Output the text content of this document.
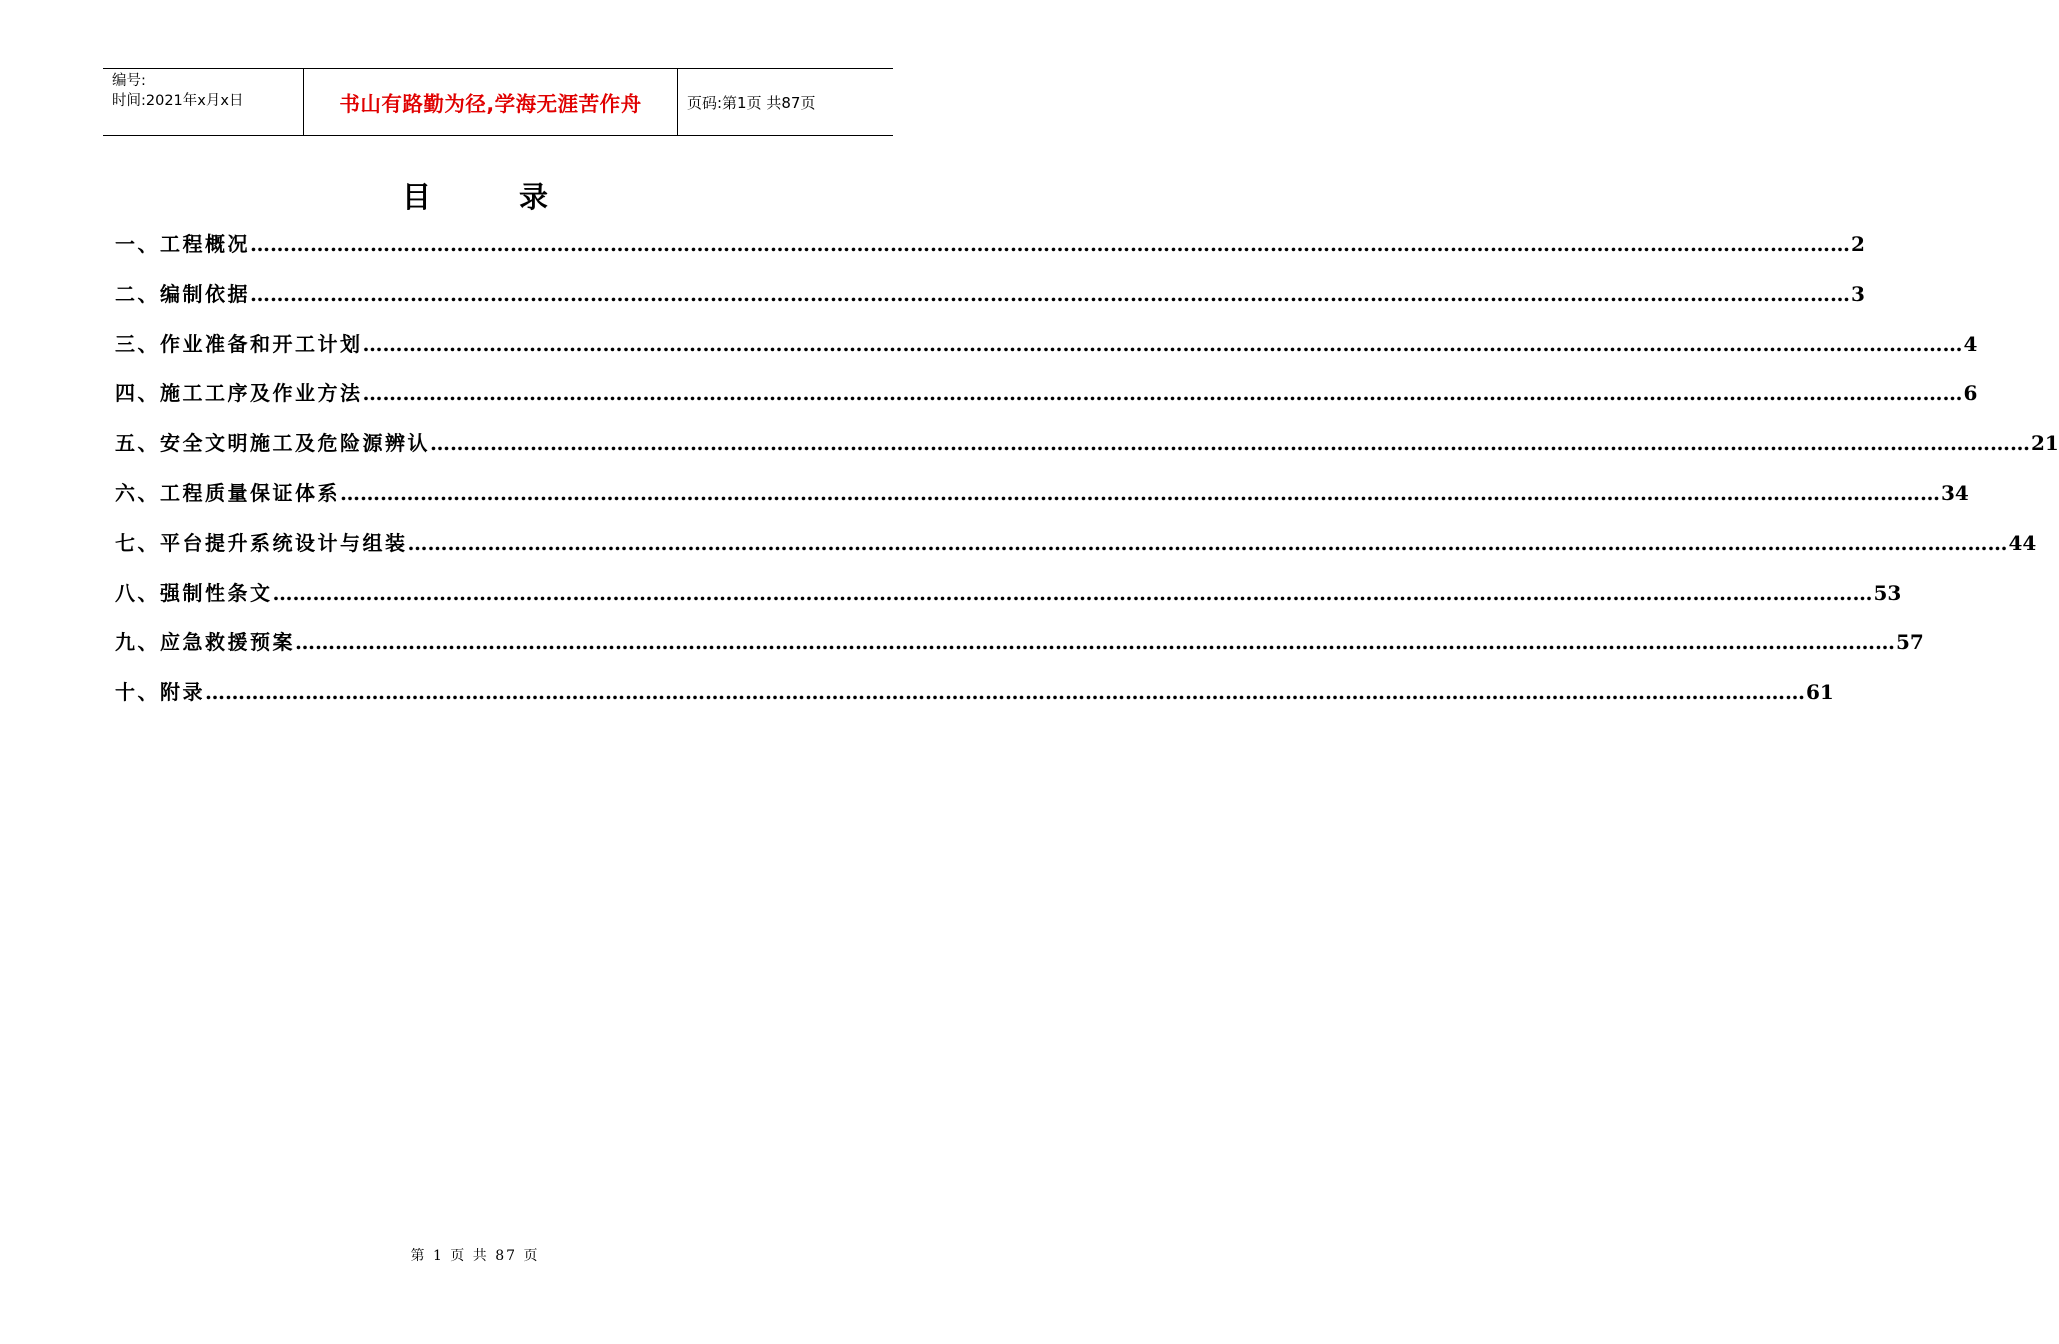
编号:
时间:2021年x月x日	书山有路勤为径,学海无涯苦作舟	页码:第1页 共87页
目	录
一、工程概况 …………………………………………………………………………………………………………………………………………………………………………………………………………………… 2
二、编制依据 …………………………………………………………………………………………………………………………………………………………………………………………………………………… 3
三、作业准备和开工计划 …………………………………………………………………………………………………………………………………………………………………………………………………………………… 4
四、施工工序及作业方法 …………………………………………………………………………………………………………………………………………………………………………………………………………………… 6
五、安全文明施工及危险源辨认 …………………………………………………………………………………………………………………………………………………………………………………………………………………… 21
六、工程质量保证体系 …………………………………………………………………………………………………………………………………………………………………………………………………………………… 34
七、平台提升系统设计与组装 …………………………………………………………………………………………………………………………………………………………………………………………………………………… 44
八、强制性条文 …………………………………………………………………………………………………………………………………………………………………………………………………………………… 53
九、应急救援预案 …………………………………………………………………………………………………………………………………………………………………………………………………………………… 57
十、附录 …………………………………………………………………………………………………………………………………………………………………………………………………………………… 61
第 1 页 共 87 页
